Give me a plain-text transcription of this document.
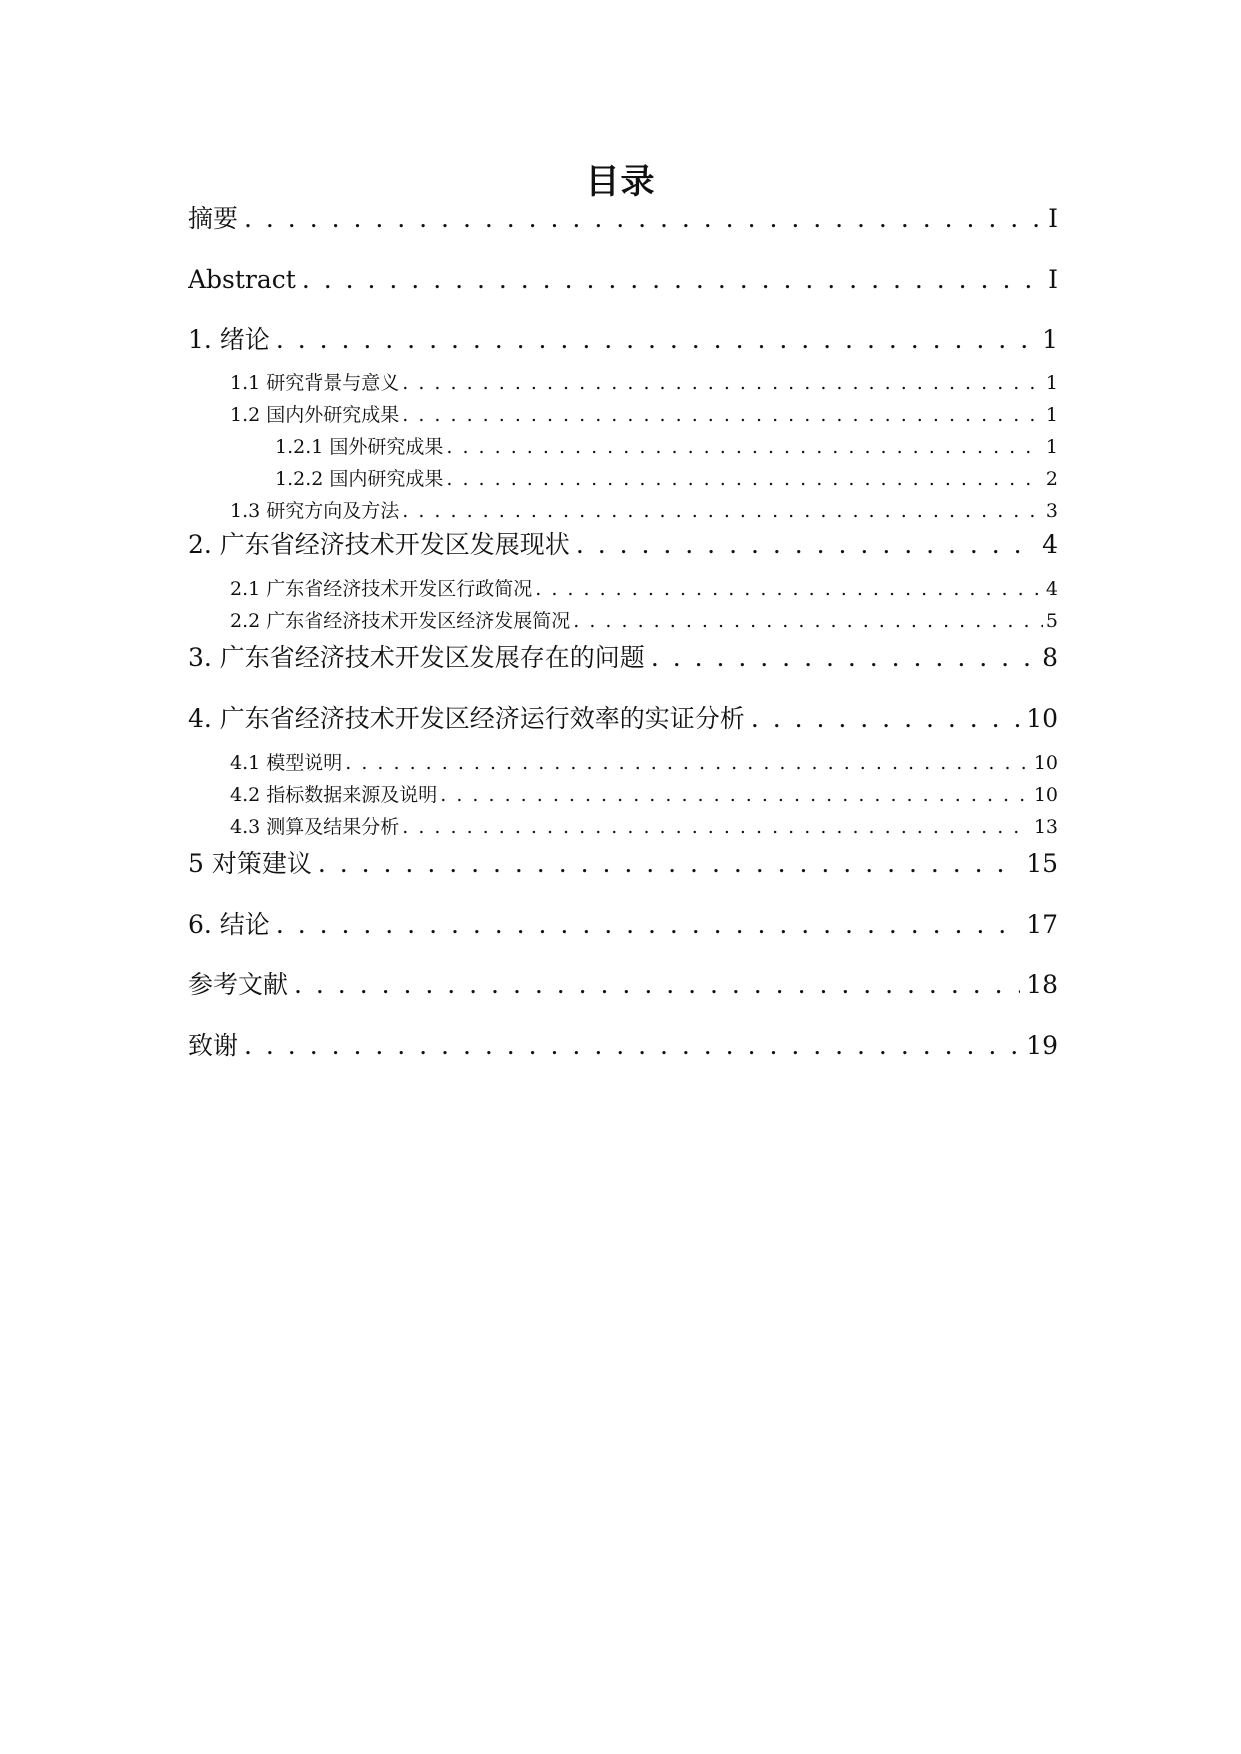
目录
摘要 . . .	I
Abstract . . .	I
1. 绪论 . . .	1
1.1 研究背景与意义 . . .	1
1.2 国内外研究成果 . . .	1
1.2.1 国外研究成果 . . .	1
1.2.2 国内研究成果 . . .	2
1.3 研究方向及方法 . . .	3
2. 广东省经济技术开发区发展现状 . . .	4
2.1 广东省经济技术开发区行政简况 . . .	4
2.2 广东省经济技术开发区经济发展简况 . . .	5
3. 广东省经济技术开发区发展存在的问题 . . .	8
4. 广东省经济技术开发区经济运行效率的实证分析 . . .	10
4.1 模型说明 . . .	10
4.2 指标数据来源及说明 . . .	10
4.3 测算及结果分析 . . .	13
5 对策建议 . . .	15
6. 结论 . . .	17
参考文献 . . .	18
致谢 . . .	19
